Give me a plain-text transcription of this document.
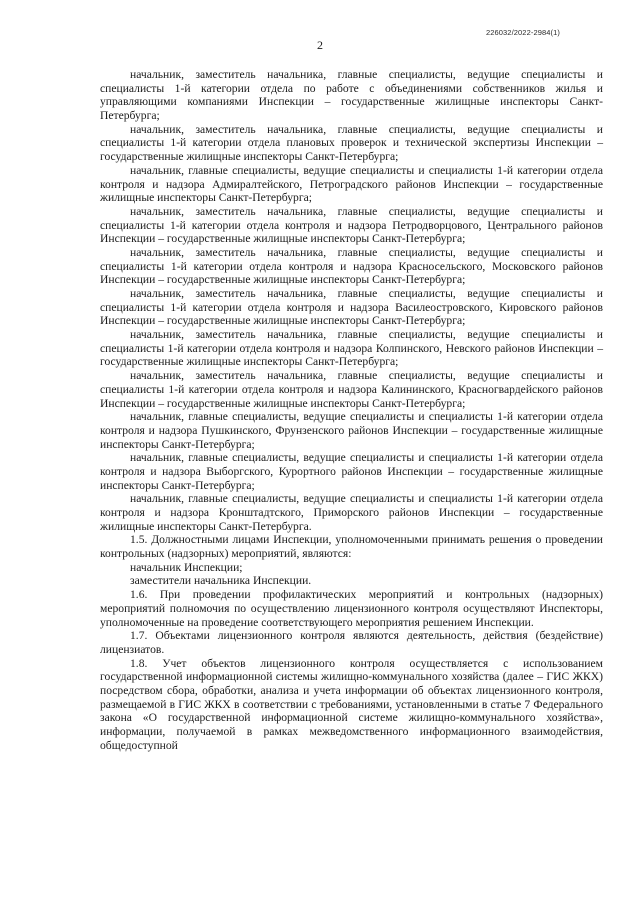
226032/2022-2984(1)
2

начальник, заместитель начальника, главные специалисты, ведущие специалисты и специалисты 1-й категории отдела по работе с объединениями собственников жилья и управляющими компаниями Инспекции – государственные жилищные инспекторы Санкт-Петербурга;

начальник, заместитель начальника, главные специалисты, ведущие специалисты и специалисты 1-й категории отдела плановых проверок и технической экспертизы Инспекции – государственные жилищные инспекторы Санкт-Петербурга;

начальник, главные специалисты, ведущие специалисты и специалисты 1-й категории отдела контроля и надзора Адмиралтейского, Петроградского районов Инспекции – государственные жилищные инспекторы Санкт-Петербурга;

начальник, заместитель начальника, главные специалисты, ведущие специалисты и специалисты 1-й категории отдела контроля и надзора Петродворцового, Центрального районов Инспекции – государственные жилищные инспекторы Санкт-Петербурга;

начальник, заместитель начальника, главные специалисты, ведущие специалисты и специалисты 1-й категории отдела контроля и надзора Красносельского, Московского районов Инспекции – государственные жилищные инспекторы Санкт-Петербурга;

начальник, заместитель начальника, главные специалисты, ведущие специалисты и специалисты 1-й категории отдела контроля и надзора Василеостровского, Кировского районов Инспекции – государственные жилищные инспекторы Санкт-Петербурга;

начальник, заместитель начальника, главные специалисты, ведущие специалисты и специалисты 1-й категории отдела контроля и надзора Колпинского, Невского районов Инспекции – государственные жилищные инспекторы Санкт-Петербурга;

начальник, заместитель начальника, главные специалисты, ведущие специалисты и специалисты 1-й категории отдела контроля и надзора Калининского, Красногвардейского районов Инспекции – государственные жилищные инспекторы Санкт-Петербурга;

начальник, главные специалисты, ведущие специалисты и специалисты 1-й категории отдела контроля и надзора Пушкинского, Фрунзенского районов Инспекции – государственные жилищные инспекторы Санкт-Петербурга;

начальник, главные специалисты, ведущие специалисты и специалисты 1-й категории отдела контроля и надзора Выборгского, Курортного районов Инспекции – государственные жилищные инспекторы Санкт-Петербурга;

начальник, главные специалисты, ведущие специалисты и специалисты 1-й категории отдела контроля и надзора Кронштадтского, Приморского районов Инспекции – государственные жилищные инспекторы Санкт-Петербурга.

1.5. Должностными лицами Инспекции, уполномоченными принимать решения о проведении контрольных (надзорных) мероприятий, являются:

начальник Инспекции;

заместители начальника Инспекции.

1.6. При проведении профилактических мероприятий и контрольных (надзорных) мероприятий полномочия по осуществлению лицензионного контроля осуществляют Инспекторы, уполномоченные на проведение соответствующего мероприятия решением Инспекции.

1.7. Объектами лицензионного контроля являются деятельность, действия (бездействие) лицензиатов.

1.8. Учет объектов лицензионного контроля осуществляется с использованием государственной информационной системы жилищно-коммунального хозяйства (далее – ГИС ЖКХ) посредством сбора, обработки, анализа и учета информации об объектах лицензионного контроля, размещаемой в ГИС ЖКХ в соответствии с требованиями, установленными в статье 7 Федерального закона «О государственной информационной системе жилищно-коммунального хозяйства», информации, получаемой в рамках межведомственного информационного взаимодействия, общедоступной
